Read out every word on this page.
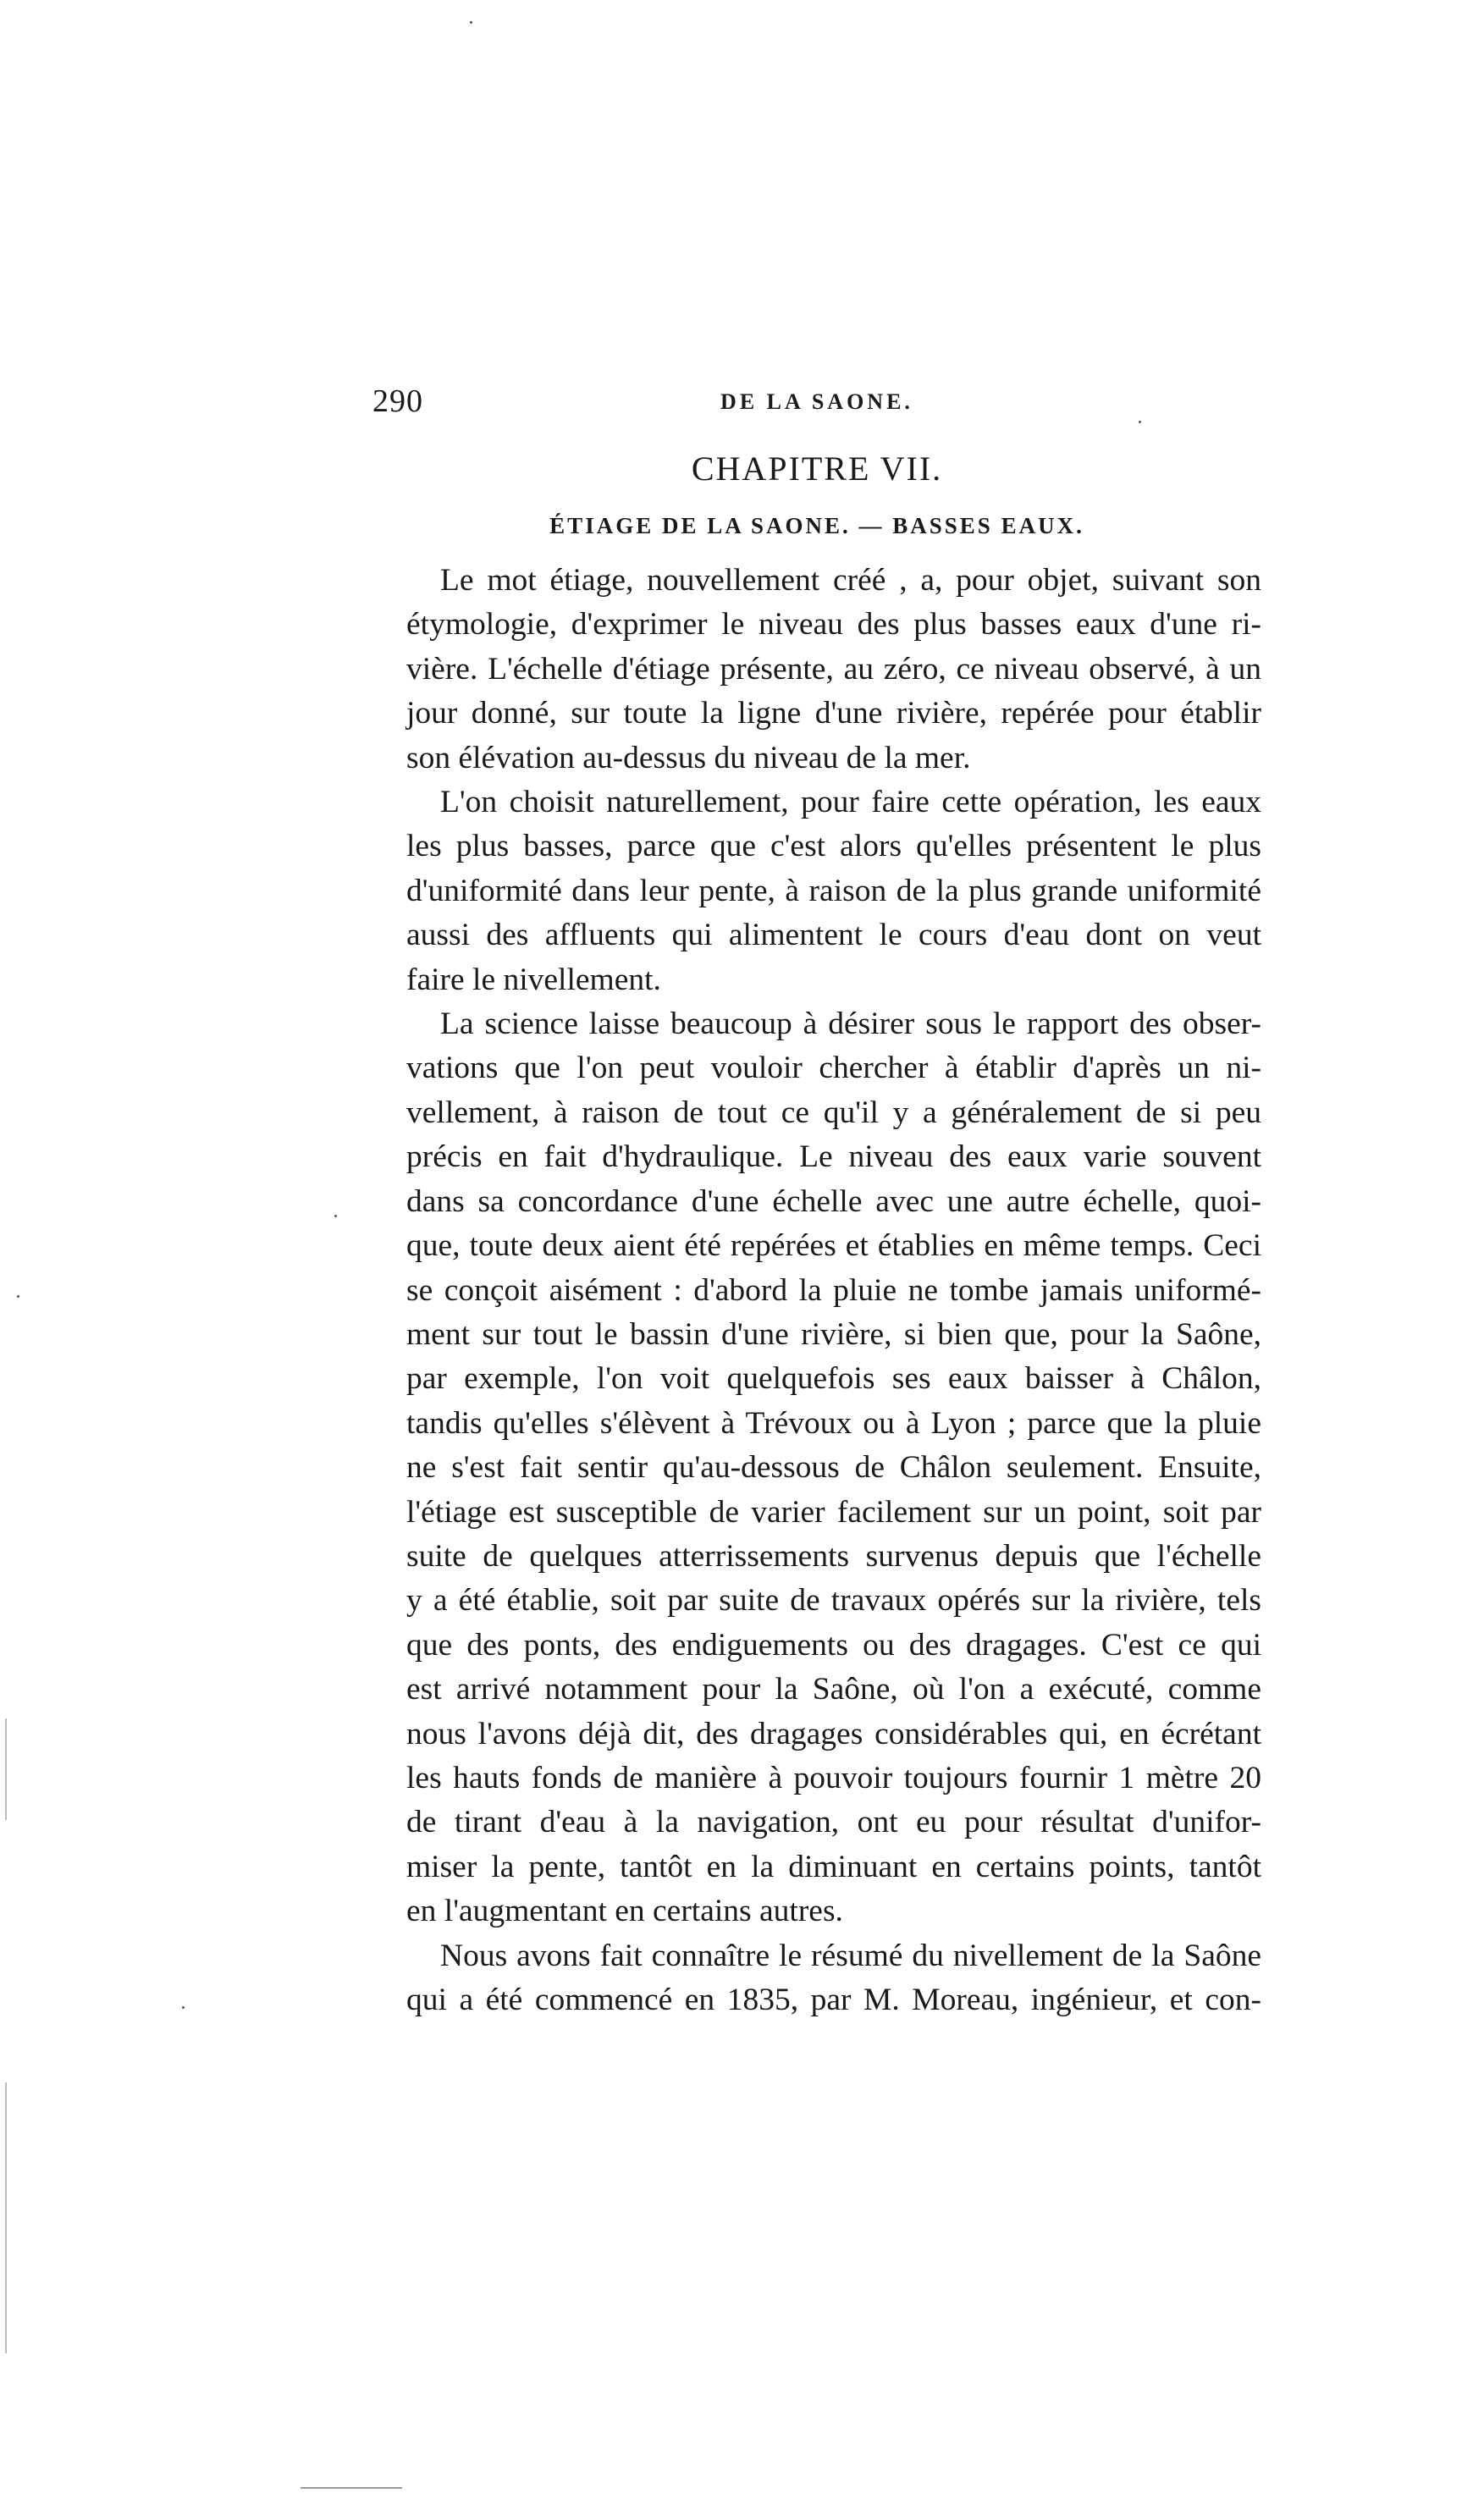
290	DE LA SAONE.
CHAPITRE VII.
ÉTIAGE DE LA SAONE. — BASSES EAUX.

Le mot étiage, nouvellement créé , a, pour objet, suivant son
étymologie, d'exprimer le niveau des plus basses eaux d'une ri-
vière. L'échelle d'étiage présente, au zéro, ce niveau observé, à un
jour donné, sur toute la ligne d'une rivière, repérée pour établir
son élévation au-dessus du niveau de la mer.

L'on choisit naturellement, pour faire cette opération, les eaux
les plus basses, parce que c'est alors qu'elles présentent le plus
d'uniformité dans leur pente, à raison de la plus grande uniformité
aussi des affluents qui alimentent le cours d'eau dont on veut
faire le nivellement.

La science laisse beaucoup à désirer sous le rapport des obser-
vations que l'on peut vouloir chercher à établir d'après un ni-
vellement, à raison de tout ce qu'il y a généralement de si peu
précis en fait d'hydraulique. Le niveau des eaux varie souvent
dans sa concordance d'une échelle avec une autre échelle, quoi-
que, toute deux aient été repérées et établies en même temps. Ceci
se conçoit aisément : d'abord la pluie ne tombe jamais uniformé-
ment sur tout le bassin d'une rivière, si bien que, pour la Saône,
par exemple, l'on voit quelquefois ses eaux baisser à Châlon,
tandis qu'elles s'élèvent à Trévoux ou à Lyon ; parce que la pluie
ne s'est fait sentir qu'au-dessous de Châlon seulement. Ensuite,
l'étiage est susceptible de varier facilement sur un point, soit par
suite de quelques atterrissements survenus depuis que l'échelle
y a été établie, soit par suite de travaux opérés sur la rivière, tels
que des ponts, des endiguements ou des dragages. C'est ce qui
est arrivé notamment pour la Saône, où l'on a exécuté, comme
nous l'avons déjà dit, des dragages considérables qui, en écrétant
les hauts fonds de manière à pouvoir toujours fournir 1 mètre 20
de tirant d'eau à la navigation, ont eu pour résultat d'unifor-
miser la pente, tantôt en la diminuant en certains points, tantôt
en l'augmentant en certains autres.

Nous avons fait connaître le résumé du nivellement de la Saône
qui a été commencé en 1835, par M. Moreau, ingénieur, et con-
